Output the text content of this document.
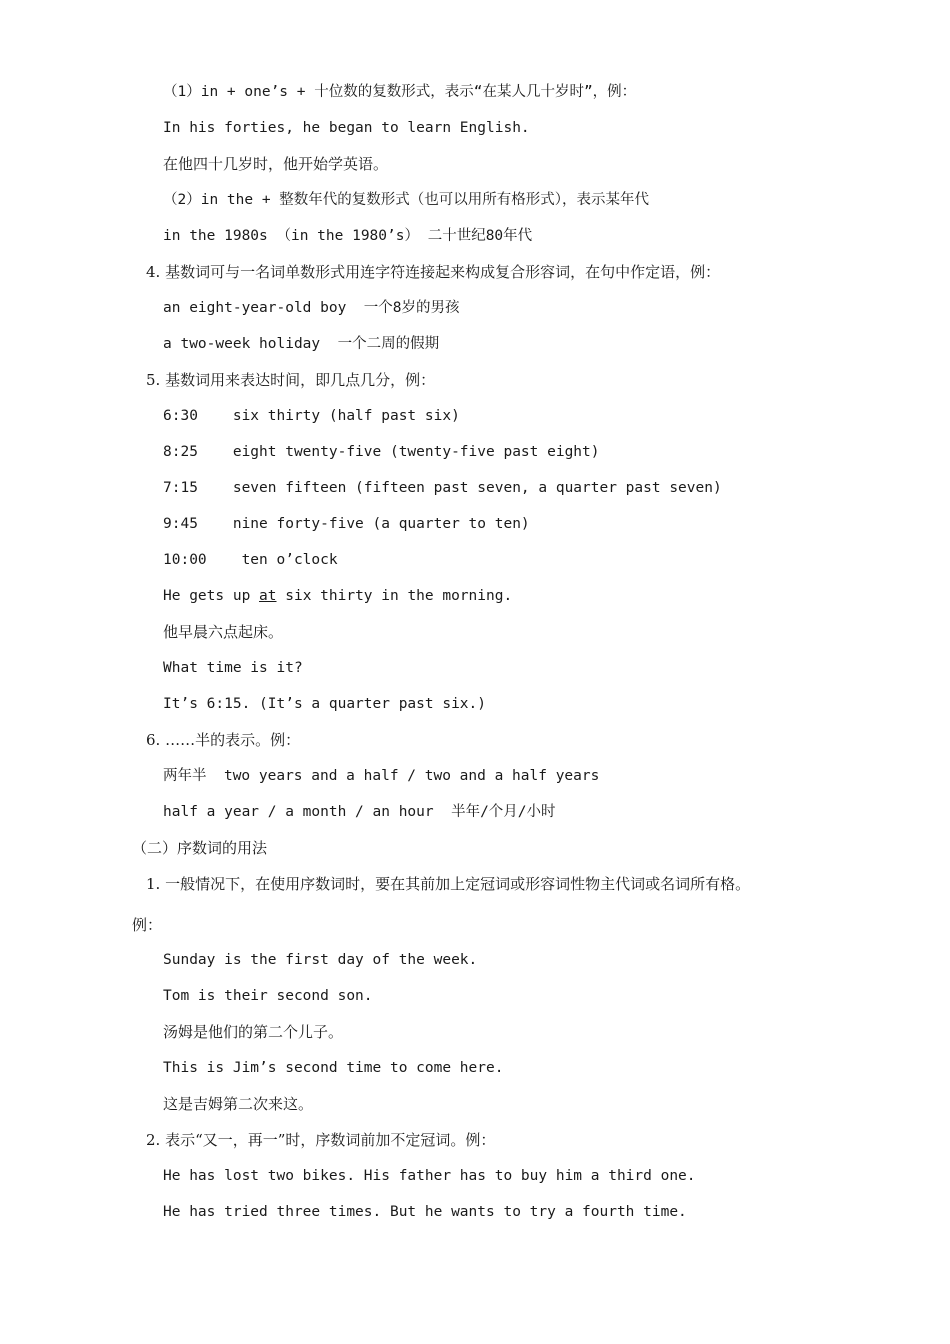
（1）in + one’s + 十位数的复数形式，表示“在某人几十岁时”，例：
In his forties, he began to learn English.
在他四十几岁时，他开始学英语。
（2）in the + 整数年代的复数形式（也可以用所有格形式），表示某年代
in the 1980s （in the 1980’s） 二十世纪80年代
4. 基数词可与一名词单数形式用连字符连接起来构成复合形容词，在句中作定语，例：
an eight-year-old boy  一个8岁的男孩
a two-week holiday  一个二周的假期
5. 基数词用来表达时间，即几点几分，例：
6:30    six thirty (half past six)
8:25    eight twenty-five (twenty-five past eight)
7:15    seven fifteen (fifteen past seven, a quarter past seven)
9:45    nine forty-five (a quarter to ten)
10:00    ten o’clock
He gets up at six thirty in the morning.
他早晨六点起床。
What time is it?
It’s 6:15. (It’s a quarter past six.)
6. ……半的表示。例：
两年半  two years and a half / two and a half years
half a year / a month / an hour  半年/个月/小时
（二）序数词的用法
1. 一般情况下，在使用序数词时，要在其前加上定冠词或形容词性物主代词或名词所有格。
例：
Sunday is the first day of the week.
Tom is their second son.
汤姆是他们的第二个儿子。
This is Jim’s second time to come here.
这是吉姆第二次来这。
2. 表示“又一，再一”时，序数词前加不定冠词。例：
He has lost two bikes. His father has to buy him a third one.
He has tried three times. But he wants to try a fourth time.
